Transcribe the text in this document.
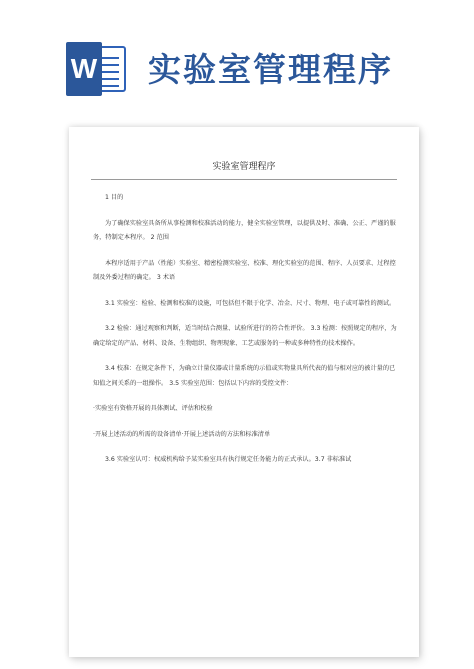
W 实验室管理程序

实验室管理程序

1 目的

为了确保实验室具备所从事检测和校准活动的能力，健全实验室管理，以提供及时、准确、公正、严谨的服务，特制定本程序。 2 范围

本程序适用于产品（性能）实验室、精密检测实验室、校准、理化实验室的范围、程序、人员要求、过程控制及外委过程的确定。 3 术语

3.1 实验室：检验、检测和校准的设施，可包括但不限于化学、冶金、尺寸、物理、电子或可靠性的测试。

3.2 检验：通过观察和判断，适当时结合测量、试验所进行的符合性评价。 3.3 检测：按照规定的程序，为确定给定的产品、材料、设备、生物组织、物理现象、工艺或服务的一种或多种特性的技术操作。

3.4 校准：在规定条件下，为确立计量仪器或计量系统的示值或实物量具所代表的值与相对应的被计量的已知值之间关系的一组操作。 3.5 实验室范围：包括以下内容的受控文件：

·实验室有资格开展的具体测试、评估和校验

·开展上述活动的所需的设备清单·开展上述活动的方法和标准清单

3.6 实验室认可：权威机构给予某实验室具有执行规定任务能力的正式承认。3.7 非标准试
